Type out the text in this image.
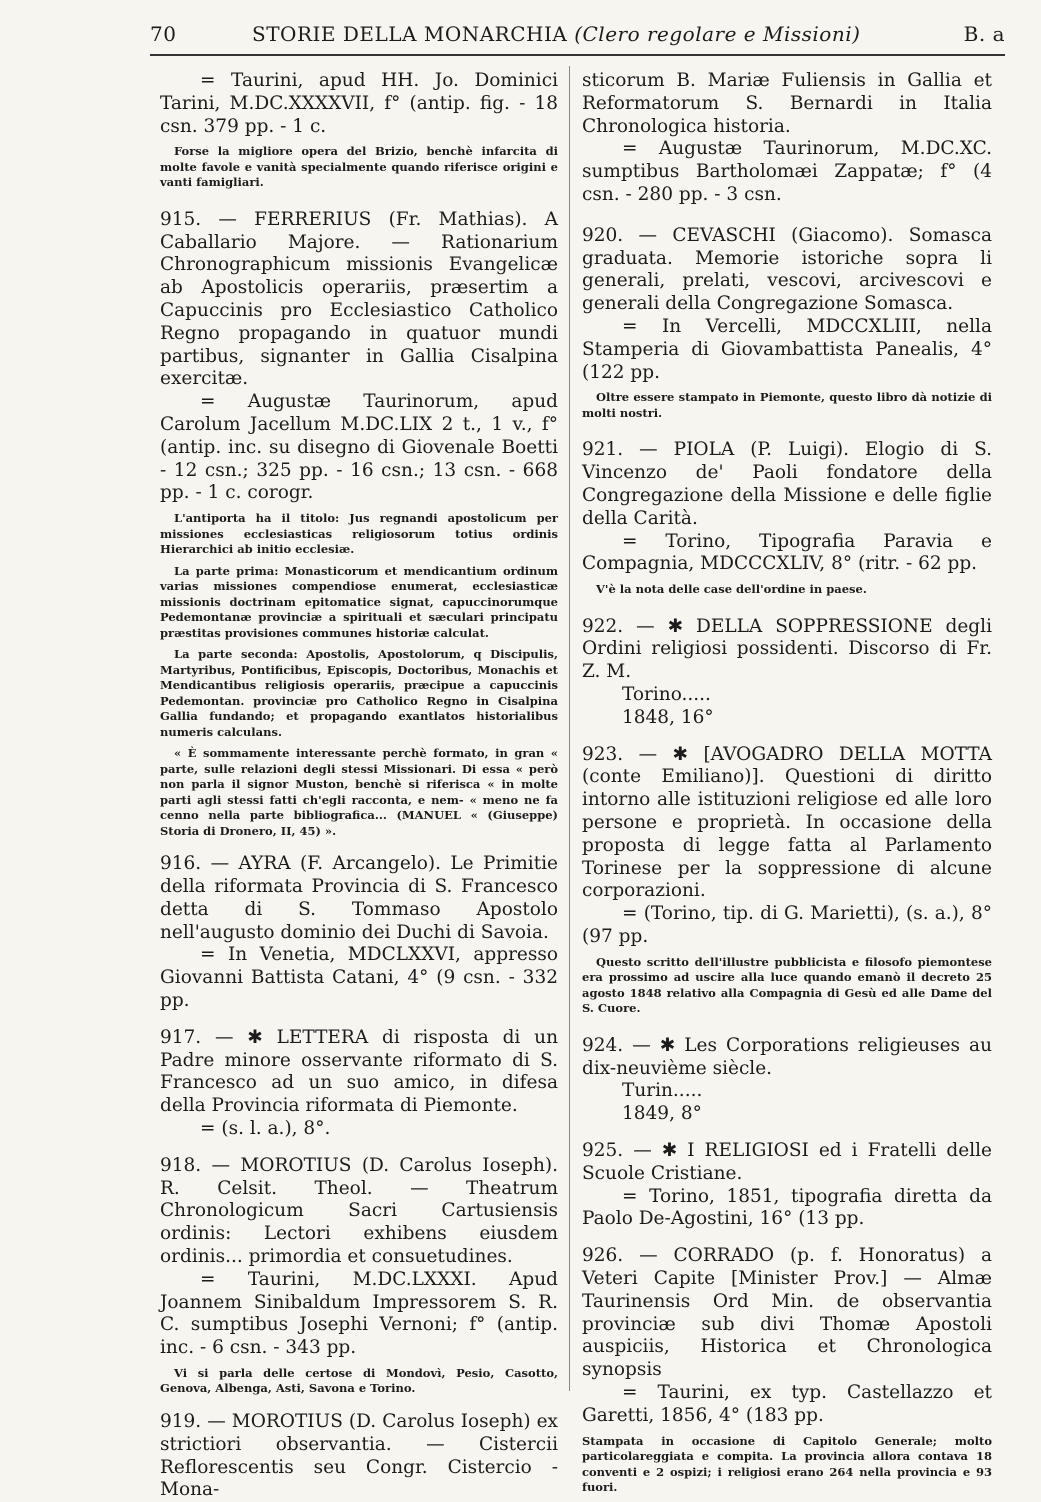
70	STORIE DELLA MONARCHIA (Clero regolare e Missioni)	B. a

= Taurini, apud HH. Jo. Dominici Tarini, M.DC.XXXXVII, f° (antip. fig. - 18 csn. 379 pp. - 1 c.

Forse la migliore opera del Brizio, benchè infarcita di molte favole e vanità specialmente quando riferisce origini e vanti famigliari.

915. — FERRERIUS (Fr. Mathias). A Caballario Majore. — Rationarium Chronographicum missionis Evangelicæ ab Apostolicis operariis, præsertim a Capuccinis pro Ecclesiastico Catholico Regno propagando in quatuor mundi partibus, signanter in Gallia Cisalpina exercitæ.

= Augustæ Taurinorum, apud Carolum Jacellum M.DC.LIX 2 t., 1 v., f° (antip. inc. su disegno di Giovenale Boetti - 12 csn.; 325 pp. - 16 csn.; 13 csn. - 668 pp. - 1 c. corogr.

L'antiporta ha il titolo: Jus regnandi apostolicum per missiones ecclesiasticas religiosorum totius ordinis Hierarchici ab initio ecclesiæ.

La parte prima: Monasticorum et mendicantium ordinum varias missiones compendiose enumerat, ecclesiasticæ missionis doctrinam epitomatice signat, capuccinorumque Pedemontanæ provinciæ a spirituali et sæculari principatu præstitas provisiones communes historiæ calculat.

La parte seconda: Apostolis, Apostolorum, q Discipulis, Martyribus, Pontificibus, Episcopis, Doctoribus, Monachis et Mendicantibus religiosis operariis, præcipue a capuccinis Pedemontan. provinciæ pro Catholico Regno in Cisalpina Gallia fundando; et propagando exantlatos historialibus numeris calculans.

« È sommamente interessante perchè formato, in gran « parte, sulle relazioni degli stessi Missionari. Di essa « però non parla il signor Muston, benchè si riferisca « in molte parti agli stessi fatti ch'egli racconta, e nem- « meno ne fa cenno nella parte bibliografica... (MANUEL « (Giuseppe) Storia di Dronero, II, 45) ».

916. — AYRA (F. Arcangelo). Le Primitie della riformata Provincia di S. Francesco detta di S. Tommaso Apostolo nell'augusto dominio dei Duchi di Savoia.

= In Venetia, MDCLXXVI, appresso Giovanni Battista Catani, 4° (9 csn. - 332 pp.

917. — ✱ LETTERA di risposta di un Padre minore osservante riformato di S. Francesco ad un suo amico, in difesa della Provincia riformata di Piemonte.

= (s. l. a.), 8°.

918. — MOROTIUS (D. Carolus Ioseph). R. Celsit. Theol. — Theatrum Chronologicum Sacri Cartusiensis ordinis: Lectori exhibens eiusdem ordinis... primordia et consuetudines.

= Taurini, M.DC.LXXXI. Apud Joannem Sinibaldum Impressorem S. R. C. sumptibus Josephi Vernoni; f° (antip. inc. - 6 csn. - 343 pp.

Vi si parla delle certose di Mondovì, Pesio, Casotto, Genova, Albenga, Asti, Savona e Torino.

919. — MOROTIUS (D. Carolus Ioseph) ex strictiori observantia. — Cistercii Reflorescentis seu Congr. Cistercio - Mona-

sticorum B. Mariæ Fuliensis in Gallia et Reformatorum S. Bernardi in Italia Chronologica historia.

= Augustæ Taurinorum, M.DC.XC. sumptibus Bartholomæi Zappatæ; f° (4 csn. - 280 pp. - 3 csn.

920. — CEVASCHI (Giacomo). Somasca graduata. Memorie istoriche sopra li generali, prelati, vescovi, arcivescovi e generali della Congregazione Somasca.

= In Vercelli, MDCCXLIII, nella Stamperia di Giovambattista Panealis, 4° (122 pp.

Oltre essere stampato in Piemonte, questo libro dà notizie di molti nostri.

921. — PIOLA (P. Luigi). Elogio di S. Vincenzo de' Paoli fondatore della Congregazione della Missione e delle figlie della Carità.

= Torino, Tipografia Paravia e Compagnia, MDCCCXLIV, 8° (ritr. - 62 pp.

V'è la nota delle case dell'ordine in paese.

922. — ✱ DELLA SOPPRESSIONE degli Ordini religiosi possidenti. Discorso di Fr. Z. M.

Torino.....

1848, 16°

923. — ✱ [AVOGADRO DELLA MOTTA (conte Emiliano)]. Questioni di diritto intorno alle istituzioni religiose ed alle loro persone e proprietà. In occasione della proposta di legge fatta al Parlamento Torinese per la soppressione di alcune corporazioni.

= (Torino, tip. di G. Marietti), (s. a.), 8° (97 pp.

Questo scritto dell'illustre pubblicista e filosofo piemontese era prossimo ad uscire alla luce quando emanò il decreto 25 agosto 1848 relativo alla Compagnia di Gesù ed alle Dame del S. Cuore.

924. — ✱ Les Corporations religieuses au dix-neuvième siècle.

Turin.....

1849, 8°

925. — ✱ I RELIGIOSI ed i Fratelli delle Scuole Cristiane.

= Torino, 1851, tipografia diretta da Paolo De-Agostini, 16° (13 pp.

926. — CORRADO (p. f. Honoratus) a Veteri Capite [Minister Prov.] — Almæ Taurinensis Ord Min. de observantia provinciæ sub divi Thomæ Apostoli auspiciis, Historica et Chronologica synopsis

= Taurini, ex typ. Castellazzo et Garetti, 1856, 4° (183 pp.

Stampata in occasione di Capitolo Generale; molto particolareggiata e compita. La provincia allora contava 18 conventi e 2 ospizi; i religiosi erano 264 nella provincia e 93 fuori.
